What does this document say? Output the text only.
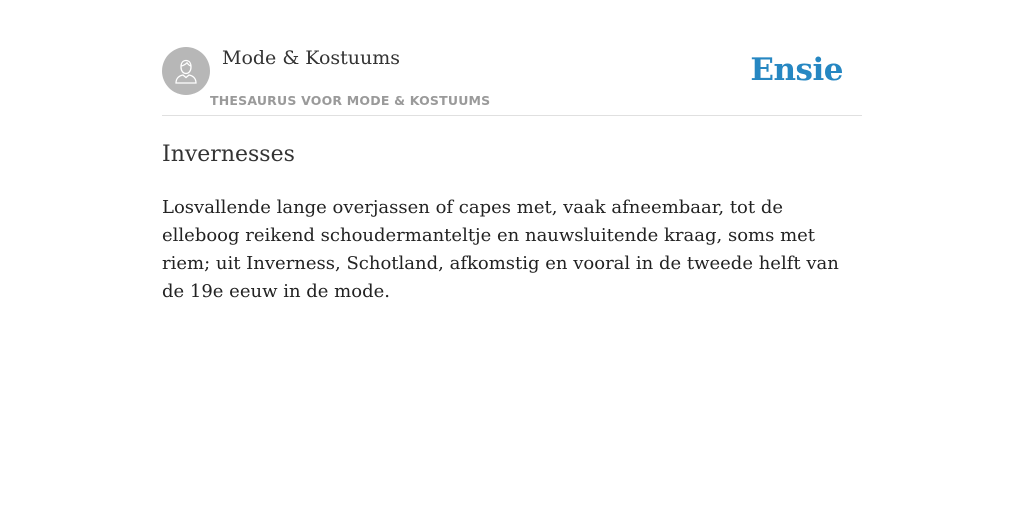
Mode & Kostuums
THESAURUS VOOR MODE & KOSTUUMS
Ensie
Invernesses

Losvallende lange overjassen of capes met, vaak afneembaar, tot de elleboog reikend schoudermanteltje en nauwsluitende kraag, soms met riem; uit Inverness, Schotland, afkomstig en vooral in de tweede helft van de 19e eeuw in de mode.
